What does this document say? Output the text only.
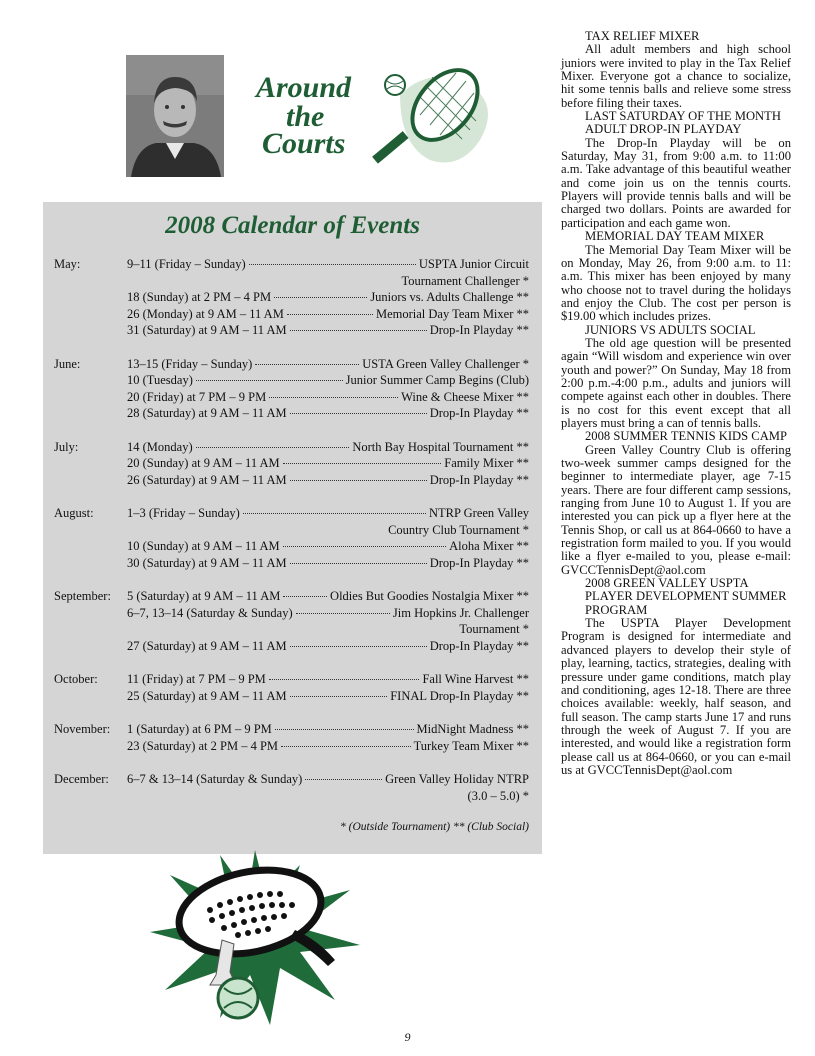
Around
the
Courts
2008 Calendar of Events
May:	9–11 (Friday – Sunday)	USPTA Junior Circuit
Tournament Challenger *
18 (Sunday) at 2 PM – 4 PM	Juniors vs. Adults Challenge **
26 (Monday) at 9 AM – 11 AM	Memorial Day Team Mixer **
31 (Saturday) at 9 AM – 11 AM	Drop-In Playday **
June:	13–15 (Friday – Sunday)	USTA Green Valley Challenger *
10 (Tuesday)	Junior Summer Camp Begins (Club)
20 (Friday) at 7 PM – 9 PM	Wine & Cheese Mixer **
28 (Saturday) at 9 AM – 11 AM	Drop-In Playday **
July:	14 (Monday)	North Bay Hospital Tournament **
20 (Sunday) at 9 AM – 11 AM	Family Mixer **
26 (Saturday) at 9 AM – 11 AM	Drop-In Playday **
August:	1–3 (Friday – Sunday)	NTRP Green Valley
Country Club Tournament *
10 (Sunday) at 9 AM – 11 AM	Aloha Mixer **
30 (Saturday) at 9 AM – 11 AM	Drop-In Playday **
September: 5 (Saturday) at 9 AM – 11 AM	Oldies But Goodies Nostalgia Mixer **
6–7, 13–14 (Saturday & Sunday)	Jim Hopkins Jr. Challenger
Tournament *
27 (Saturday) at 9 AM – 11 AM	Drop-In Playday **
October: 11 (Friday) at 7 PM – 9 PM	Fall Wine Harvest **
25 (Saturday) at 9 AM – 11 AM	FINAL Drop-In Playday **
November: 1 (Saturday) at 6 PM – 9 PM	MidNight Madness **
23 (Saturday) at 2 PM – 4 PM	Turkey Team Mixer **
December: 6–7 & 13–14 (Saturday & Sunday)	Green Valley Holiday NTRP
(3.0 – 5.0) *
* (Outside Tournament) ** (Club Social)

TAX RELIEF MIXER

All adult members and high school juniors were invited to play in the Tax Relief Mixer. Everyone got a chance to socialize, hit some tennis balls and relieve some stress before filing their taxes.

LAST SATURDAY OF THE MONTH ADULT DROP-IN PLAYDAY

The Drop-In Playday will be on Saturday, May 31, from 9:00 a.m. to 11:00 a.m. Take advantage of this beautiful weather and come join us on the tennis courts. Players will provide tennis balls and will be charged two dollars. Points are awarded for participation and each game won.

MEMORIAL DAY TEAM MIXER

The Memorial Day Team Mixer will be on Monday, May 26, from 9:00 a.m. to 11: a.m. This mixer has been enjoyed by many who choose not to travel during the holidays and enjoy the Club. The cost per person is $19.00 which includes prizes.

JUNIORS VS ADULTS SOCIAL

The old age question will be presented again “Will wisdom and experience win over youth and power?” On Sunday, May 18 from 2:00 p.m.-4:00 p.m., adults and juniors will compete against each other in doubles. There is no cost for this event except that all players must bring a can of tennis balls.

2008 SUMMER TENNIS KIDS CAMP

Green Valley Country Club is offering two-week summer camps designed for the beginner to intermediate player, age 7-15 years. There are four different camp sessions, ranging from June 10 to August 1. If you are interested you can pick up a flyer here at the Tennis Shop, or call us at 864-0660 to have a registration form mailed to you. If you would like a flyer e-mailed to you, please e-mail: GVCCTennisDept@aol.com

2008 GREEN VALLEY USPTA PLAYER DEVELOPMENT SUMMER PROGRAM

The USPTA Player Development Program is designed for intermediate and advanced players to develop their style of play, learning, tactics, strategies, dealing with pressure under game conditions, match play and conditioning, ages 12-18. There are three choices available: weekly, half season, and full season. The camp starts June 17 and runs through the week of August 7. If you are interested, and would like a registration form please call us at 864-0660, or you can e-mail us at GVCCTennisDept@aol.com

9
